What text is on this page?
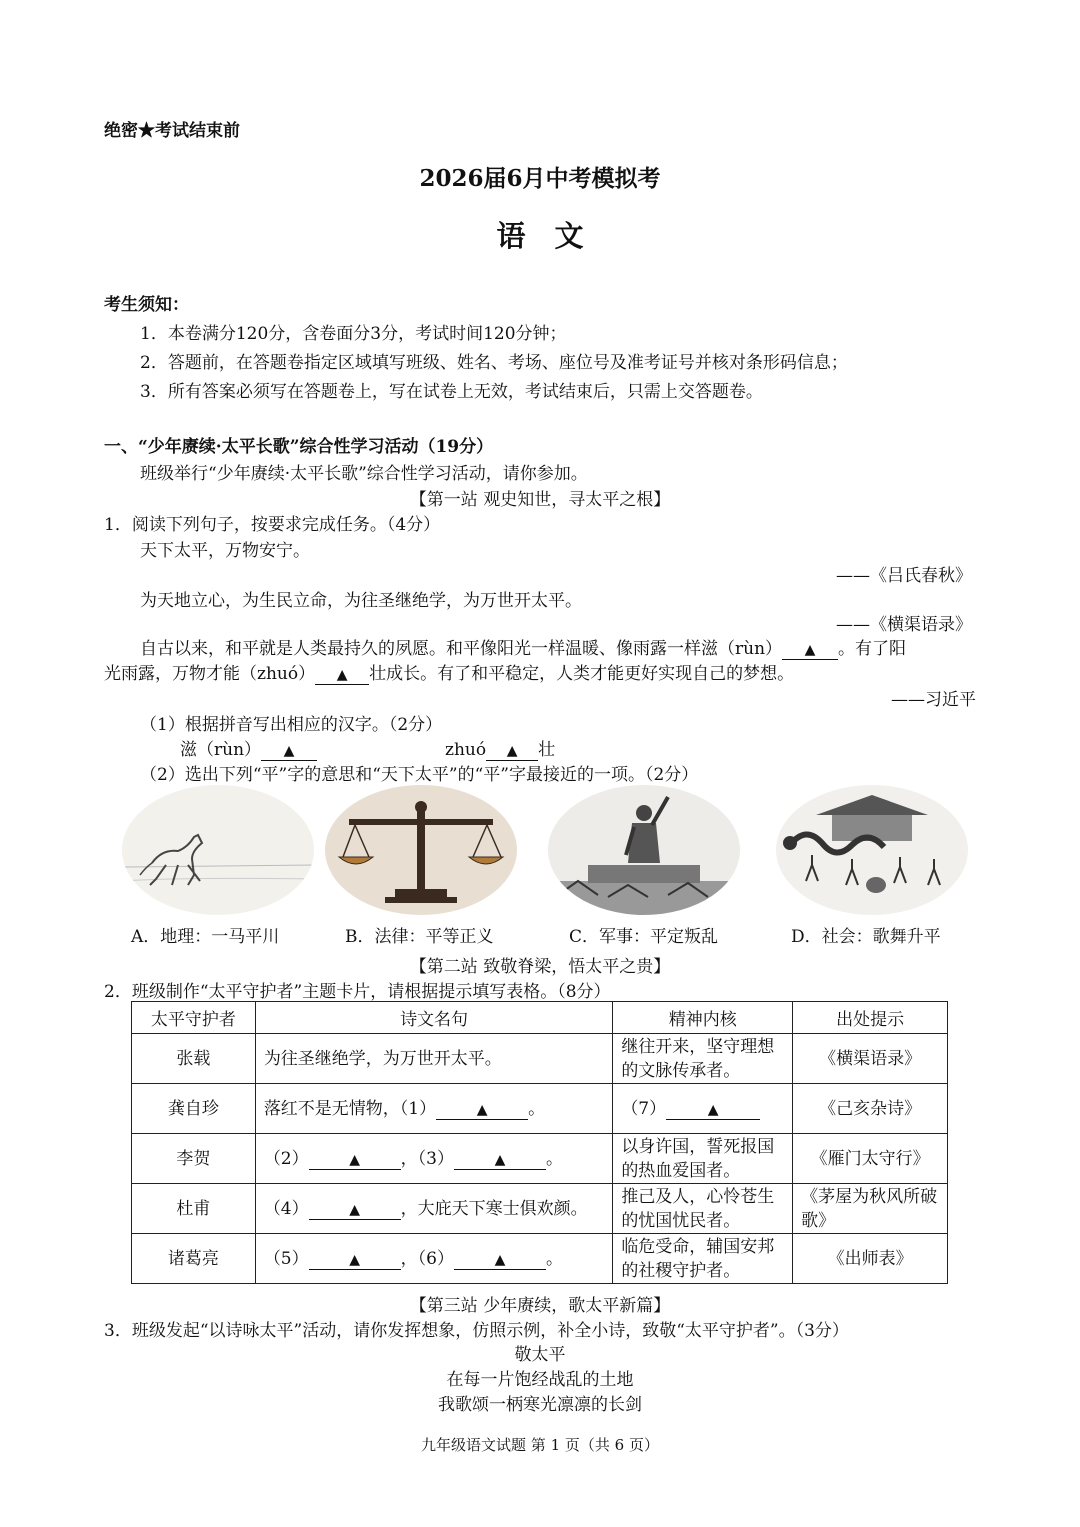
绝密★考试结束前
2026届6月中考模拟考
语　文
考生须知：
1．本卷满分120分，含卷面分3分，考试时间120分钟；
2．答题前，在答题卷指定区域填写班级、姓名、考场、座位号及准考证号并核对条形码信息；
3．所有答案必须写在答题卷上，写在试卷上无效，考试结束后，只需上交答题卷。
一、“少年赓续·太平长歌”综合性学习活动（19分）
班级举行“少年赓续·太平长歌”综合性学习活动，请你参加。
【第一站 观史知世，寻太平之根】
1．阅读下列句子，按要求完成任务。（4分）
天下太平，万物安宁。
——《吕氏春秋》
为天地立心，为生民立命，为往圣继绝学，为万世开太平。
——《横渠语录》
自古以来，和平就是人类最持久的夙愿。和平像阳光一样温暖、像雨露一样滋（rùn） ▲ 。有了阳
光雨露，万物才能（zhuó） ▲ 壮成长。有了和平稳定，人类才能更好实现自己的梦想。
——习近平
（1）根据拼音写出相应的汉字。（2分）
滋（rùn） ▲	zhuó ▲ 壮
（2）选出下列“平”字的意思和“天下太平”的“平”字最接近的一项。（2分）
A．地理：一马平川	B．法律：平等正义	C．军事：平定叛乱	D．社会：歌舞升平
【第二站 致敬脊梁，悟太平之贵】
2．班级制作“太平守护者”主题卡片，请根据提示填写表格。（8分）
太平守护者	诗文名句	精神内核	出处提示
张载	为往圣继绝学，为万世开太平。	继往开来，坚守理想的文脉传承者。	《横渠语录》
龚自珍	落红不是无情物，（1） ▲ 。	（7） ▲	《己亥杂诗》
李贺	（2） ▲ ，（3） ▲ 。	以身许国，誓死报国的热血爱国者。	《雁门太守行》
杜甫	（4） ▲ ，大庇天下寒士俱欢颜。	推己及人，心怜苍生的忧国忧民者。	《茅屋为秋风所破歌》
诸葛亮	（5） ▲ ，（6） ▲ 。	临危受命，辅国安邦的社稷守护者。	《出师表》
【第三站 少年赓续，歌太平新篇】
3．班级发起“以诗咏太平”活动，请你发挥想象，仿照示例，补全小诗，致敬“太平守护者”。（3分）
敬太平
在每一片饱经战乱的土地
我歌颂一柄寒光凛凛的长剑
九年级语文试题 第 1 页（共 6 页）
